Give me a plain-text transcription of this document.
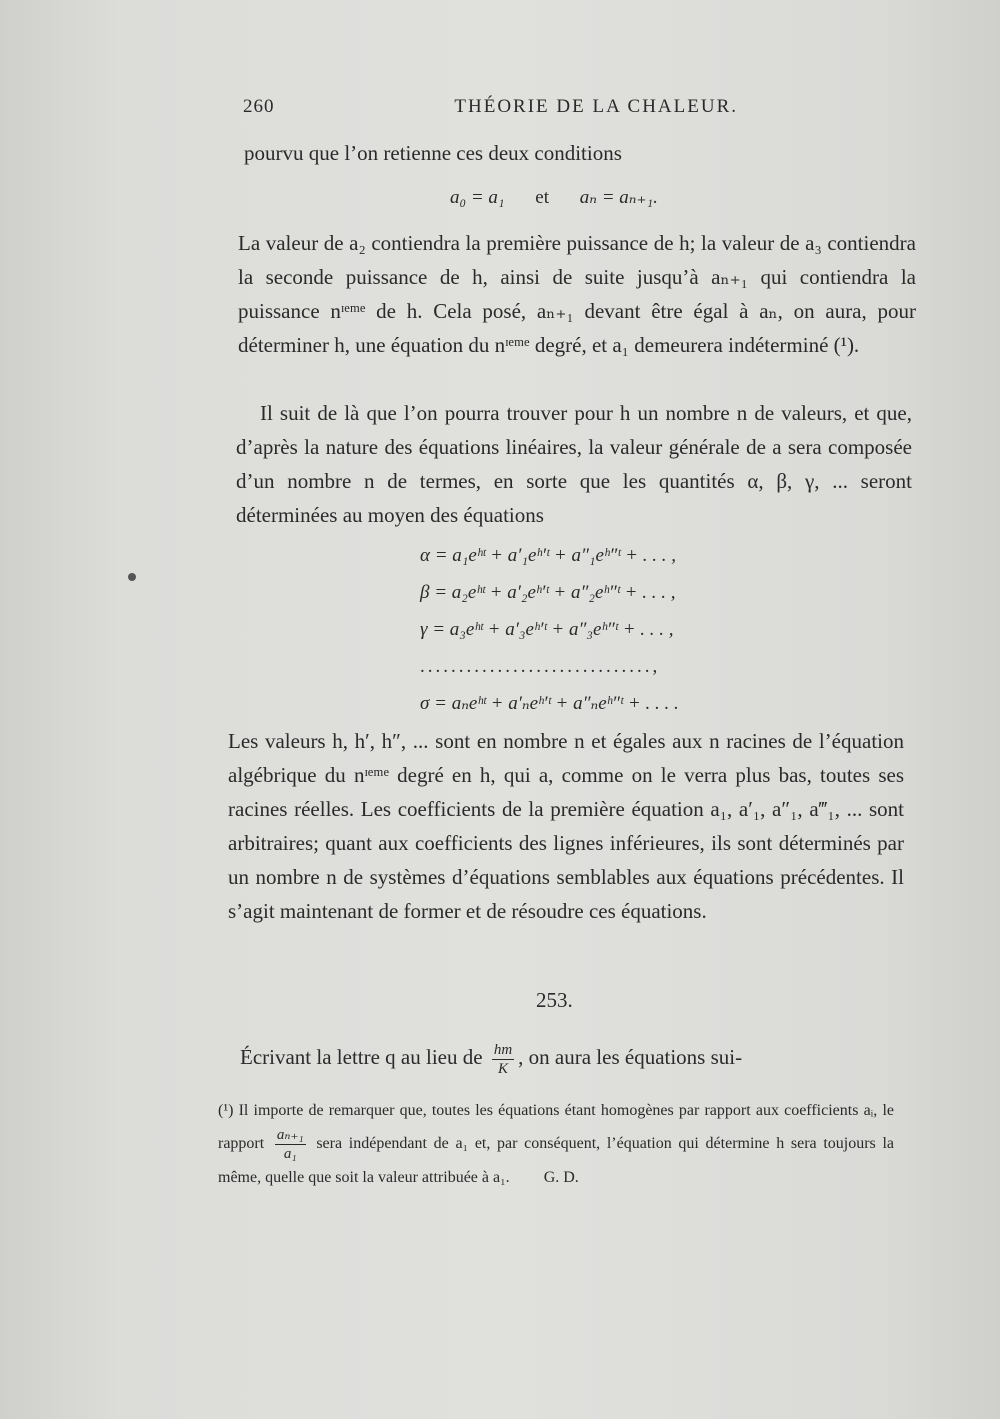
260	THÉORIE DE LA CHALEUR.

pourvu que l’on retienne ces deux conditions

a₀ = a₁ et aₙ = aₙ₊₁.

La valeur de a₂ contiendra la première puissance de h; la valeur de a₃ contiendra la seconde puissance de h, ainsi de suite jusqu’à aₙ₊₁ qui contiendra la puissance nᶦᵉᵐᵉ de h. Cela posé, aₙ₊₁ devant être égal à aₙ, on aura, pour déterminer h, une équation du nᶦᵉᵐᵉ degré, et a₁ demeurera indéterminé (¹).

Il suit de là que l’on pourra trouver pour h un nombre n de valeurs, et que, d’après la nature des équations linéaires, la valeur générale de a sera composée d’un nombre n de termes, en sorte que les quantités α, β, γ, ... seront déterminées au moyen des équations

α = a₁eʰᵗ + a′₁eʰ′ᵗ + a″₁eʰ″ᵗ + . . . ,
β = a₂eʰᵗ + a′₂eʰ′ᵗ + a″₂eʰ″ᵗ + . . . ,
γ = a₃eʰᵗ + a′₃eʰ′ᵗ + a″₃eʰ″ᵗ + . . . ,
..............................,
σ = aₙeʰᵗ + a′ₙeʰ′ᵗ + a″ₙeʰ″ᵗ + . . . .

Les valeurs h, h′, h″, ... sont en nombre n et égales aux n racines de l’équation algébrique du nᶦᵉᵐᵉ degré en h, qui a, comme on le verra plus bas, toutes ses racines réelles. Les coefficients de la première équation a₁, a′₁, a″₁, a‴₁, ... sont arbitraires; quant aux coefficients des lignes inférieures, ils sont déterminés par un nombre n de systèmes d’équations semblables aux équations précédentes. Il s’agit maintenant de former et de résoudre ces équations.

253.

Écrivant la lettre q au lieu de $\frac{hm}{K}$ , on aura les équations sui-

(¹) Il importe de remarquer que, toutes les équations étant homogènes par rapport aux coefficients aᵢ, le rapport $\frac{\text{aₙ₊₁}}{\text{a₁}}$ sera indépendant de a₁ et, par conséquent, l’équation qui détermine h sera toujours la même, quelle que soit la valeur attribuée à a₁. G. D.
